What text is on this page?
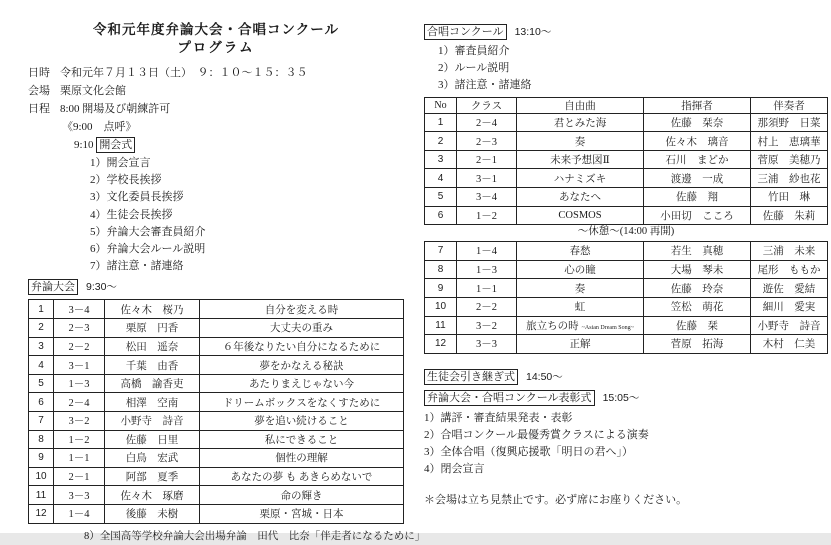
令和元年度弁論大会・合唱コンクール
プログラム
日時 令和元年７月１３日（土）　９：１０～１５：３５
会場 栗原文化会館
日程 8:00 開場及び朝練許可
《9:00　点呼》
9:10 開会式
1）開会宣言
2）学校長挨拶
3）文化委員長挨拶
4）生徒会長挨拶
5）弁論大会審査員紹介
6）弁論大会ルール説明
7）諸注意・諸連絡
弁論大会 9:30～
1	3－4	佐々木　桜乃	自分を変える時
2	2－3	栗原　円香	大丈夫の重み
3	2－2	松田　遥奈	６年後なりたい自分になるために
4	3－1	千葉　由香	夢をかなえる秘訣
5	1－3	高橋　諭香吏	あたりまえじゃない今
6	2－4	相澤　空南	ドリームボックスをなくすために
7	3－2	小野寺　詩音	夢を追い続けること
8	1－2	佐藤　日里	私にできること
9	1－1	白鳥　宏武	個性の理解
10	2－1	阿部　夏季	あなたの夢 も あきらめないで
11	3－3	佐々木　琢磨	命の輝き
12	1－4	後藤　未樹	栗原・宮城・日本
8）全国高等学校弁論大会出場弁論　田代　比奈「伴走者になるために」
合唱コンクール 13:10～
1）審査員紹介
2）ルール説明
3）諸注意・諸連絡
No	クラス	自由曲	指揮者	伴奏者
1	2－4	君とみた海	佐藤　栞奈	那須野　日菜
2	2－3	奏	佐々木　璃音	村上　恵璃華
3	2－1	未来予想図Ⅱ	石川　まどか	菅原　美穂乃
4	3－1	ハナミズキ	渡邊　一成	三浦　紗也花
5	3－4	あなたへ	佐藤　翔	竹田　琳
6	1－2	COSMOS	小田切　こころ	佐藤　朱莉
～休憩～(14:00 再開)
7	1－4	春愁	若生　真穂	三浦　未来
8	1－3	心の瞳	大場　琴未	尾形　ももか
9	1－1	奏	佐藤　玲奈	遊佐　愛結
10	2－2	虹	笠松　萌花	細川　愛実
11	3－2	旅立ちの時 ~Asian Dream Song~	佐藤　栞	小野寺　詩音
12	3－3	正解	菅原　拓海	木村　仁美
生徒会引き継ぎ式 14:50～
弁論大会・合唱コンクール表彰式 15:05～
1）講評・審査結果発表・表彰
2）合唱コンクール最優秀賞クラスによる演奏
3）全体合唱（復興応援歌「明日の君へ」）
4）閉会宣言
＊会場は立ち見禁止です。必ず席にお座りください。
